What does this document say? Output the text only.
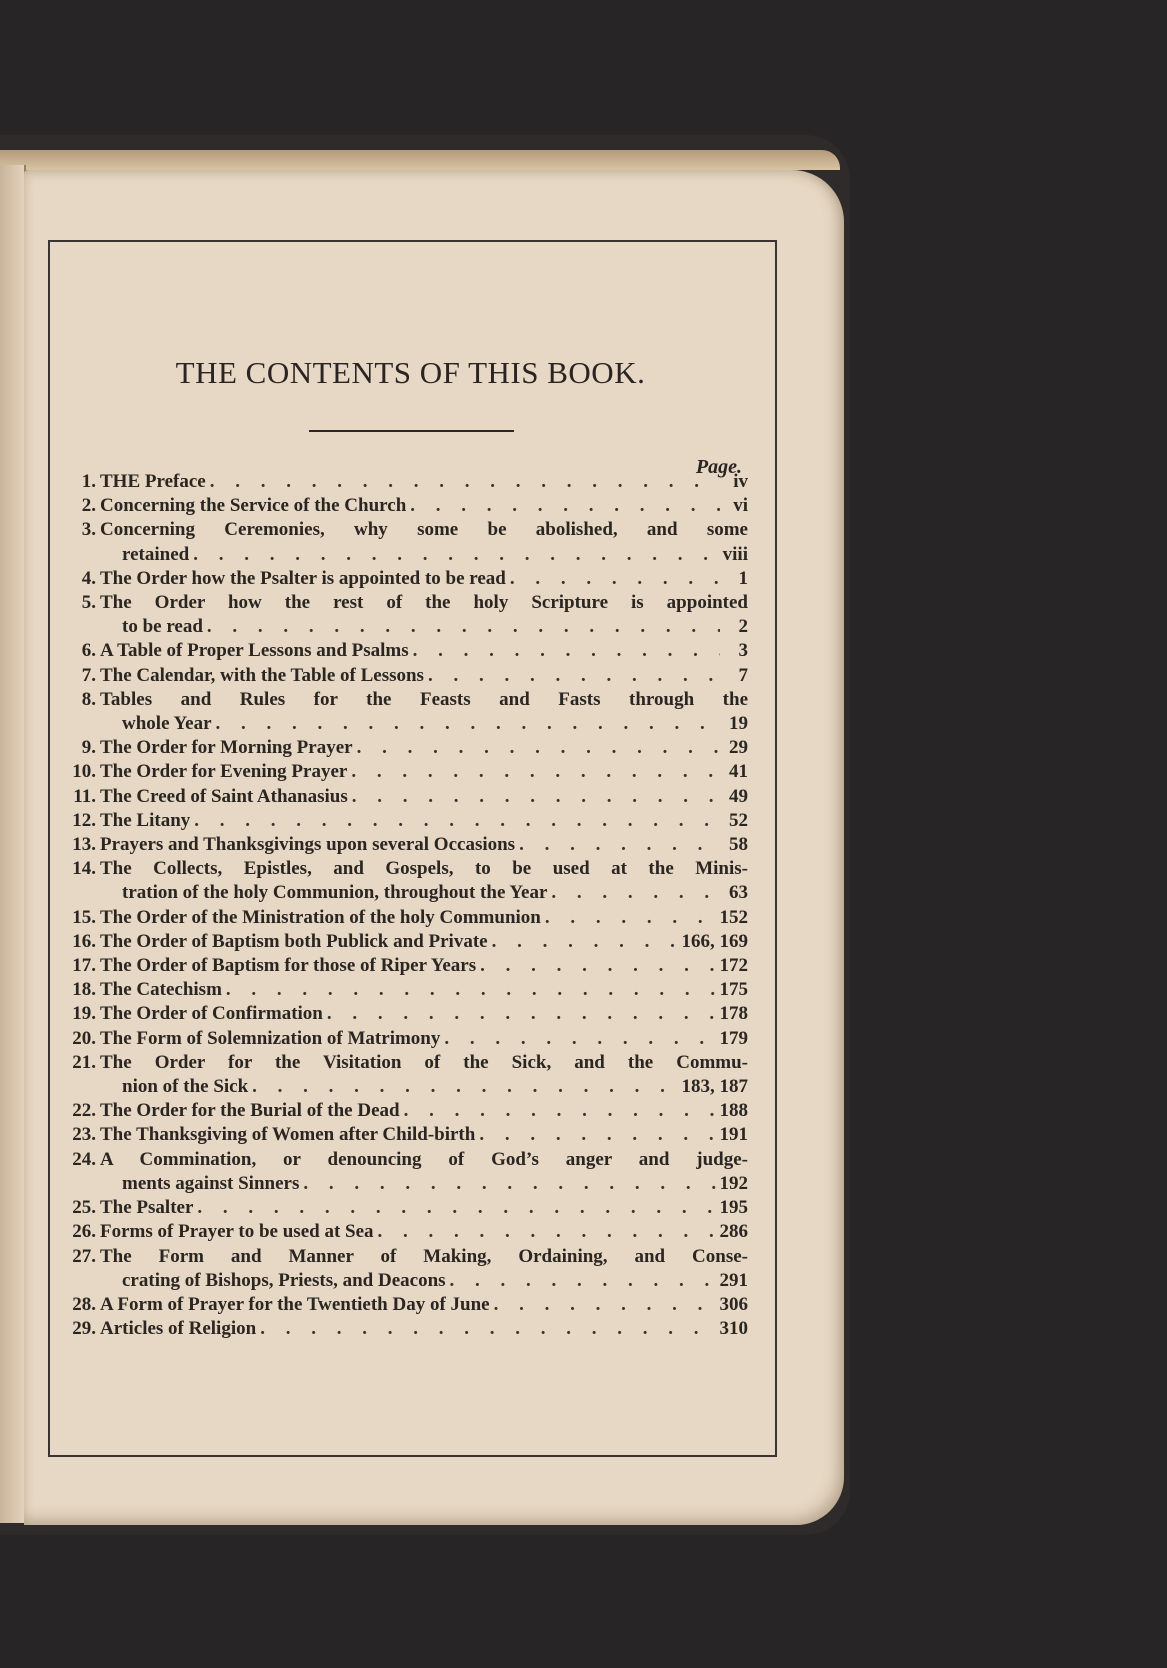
THE CONTENTS OF THIS BOOK.
Page.
1. THE Preface . . .	iv
2. Concerning the Service of the Church . . .	vi
3. Concerning Ceremonies, why some be abolished, and some
retained . . .	viii
4. The Order how the Psalter is appointed to be read . . .	1
5. The Order how the rest of the holy Scripture is appointed
to be read . . .	2
6. A Table of Proper Lessons and Psalms . . .	3
7. The Calendar, with the Table of Lessons . . .	7
8. Tables and Rules for the Feasts and Fasts through the
whole Year . . .	19
9. The Order for Morning Prayer . . .	29
10. The Order for Evening Prayer . . .	41
11. The Creed of Saint Athanasius . . .	49
12. The Litany . . .	52
13. Prayers and Thanksgivings upon several Occasions . . .	58
14. The Collects, Epistles, and Gospels, to be used at the Minis-
tration of the holy Communion, throughout the Year . . .	63
15. The Order of the Ministration of the holy Communion . . .	152
16. The Order of Baptism both Publick and Private . . .	166, 169
17. The Order of Baptism for those of Riper Years . . .	172
18. The Catechism . . .	175
19. The Order of Confirmation . . .	178
20. The Form of Solemnization of Matrimony . . .	179
21. The Order for the Visitation of the Sick, and the Commu-
nion of the Sick . . .	183, 187
22. The Order for the Burial of the Dead . . .	188
23. The Thanksgiving of Women after Child-birth . . .	191
24. A Commination, or denouncing of God’s anger and judge-
ments against Sinners . . .	192
25. The Psalter . . .	195
26. Forms of Prayer to be used at Sea . . .	286
27. The Form and Manner of Making, Ordaining, and Conse-
crating of Bishops, Priests, and Deacons . . .	291
28. A Form of Prayer for the Twentieth Day of June . . .	306
29. Articles of Religion . . .	310
